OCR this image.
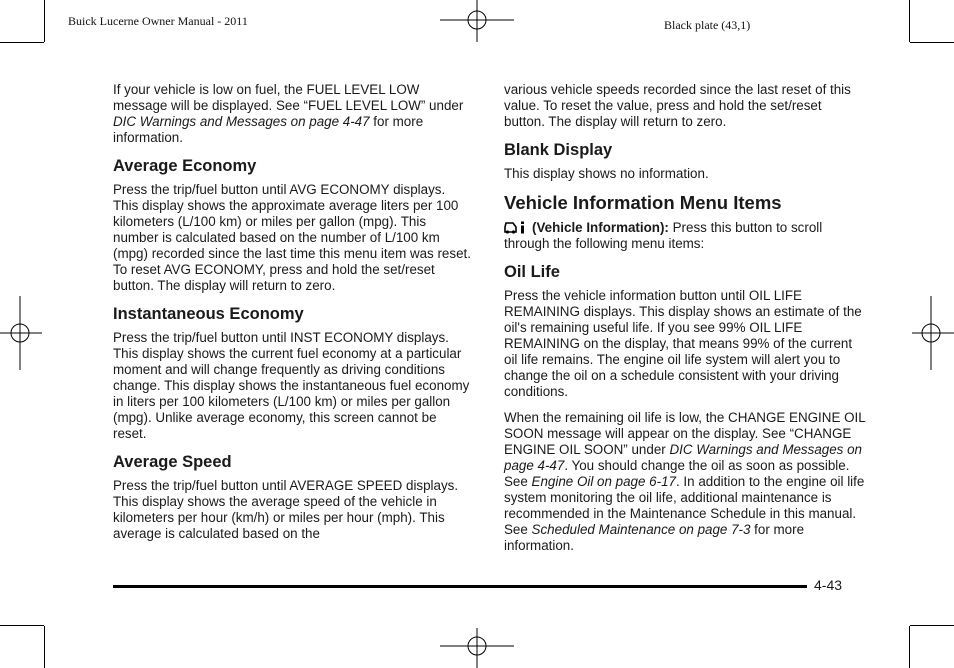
Buick Lucerne Owner Manual - 2011	Black plate (43,1)

If your vehicle is low on fuel, the FUEL LEVEL LOW message will be displayed. See “FUEL LEVEL LOW” under DIC Warnings and Messages on page 4-47 for more information.

Average Economy

Press the trip/fuel button until AVG ECONOMY displays. This display shows the approximate average liters per 100 kilometers (L/100 km) or miles per gallon (mpg). This number is calculated based on the number of L/100 km (mpg) recorded since the last time this menu item was reset. To reset AVG ECONOMY, press and hold the set/reset button. The display will return to zero.

Instantaneous Economy

Press the trip/fuel button until INST ECONOMY displays. This display shows the current fuel economy at a particular moment and will change frequently as driving conditions change. This display shows the instantaneous fuel economy in liters per 100 kilometers (L/100 km) or miles per gallon (mpg). Unlike average economy, this screen cannot be reset.

Average Speed

Press the trip/fuel button until AVERAGE SPEED displays. This display shows the average speed of the vehicle in kilometers per hour (km/h) or miles per hour (mph). This average is calculated based on the

various vehicle speeds recorded since the last reset of this value. To reset the value, press and hold the set/reset button. The display will return to zero.

Blank Display

This display shows no information.

Vehicle Information Menu Items

(Vehicle Information): Press this button to scroll through the following menu items:

Oil Life

Press the vehicle information button until OIL LIFE REMAINING displays. This display shows an estimate of the oil's remaining useful life. If you see 99% OIL LIFE REMAINING on the display, that means 99% of the current oil life remains. The engine oil life system will alert you to change the oil on a schedule consistent with your driving conditions.

When the remaining oil life is low, the CHANGE ENGINE OIL SOON message will appear on the display. See “CHANGE ENGINE OIL SOON” under DIC Warnings and Messages on page 4-47. You should change the oil as soon as possible. See Engine Oil on page 6-17. In addition to the engine oil life system monitoring the oil life, additional maintenance is recommended in the Maintenance Schedule in this manual. See Scheduled Maintenance on page 7-3 for more information.

4-43
